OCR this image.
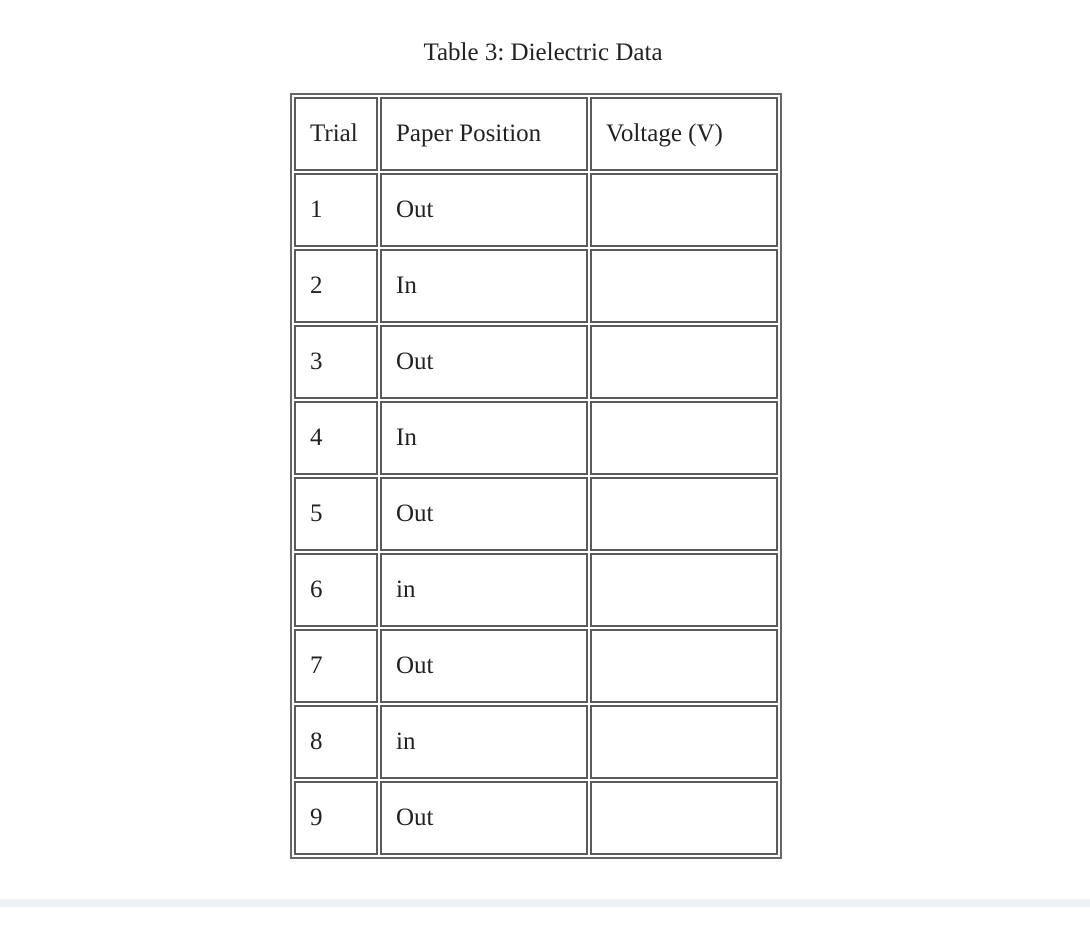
Table 3: Dielectric Data
Trial	Paper Position	Voltage (V)
1	Out	
2	In	
3	Out	
4	In	
5	Out	
6	in	
7	Out	
8	in	
9	Out	
